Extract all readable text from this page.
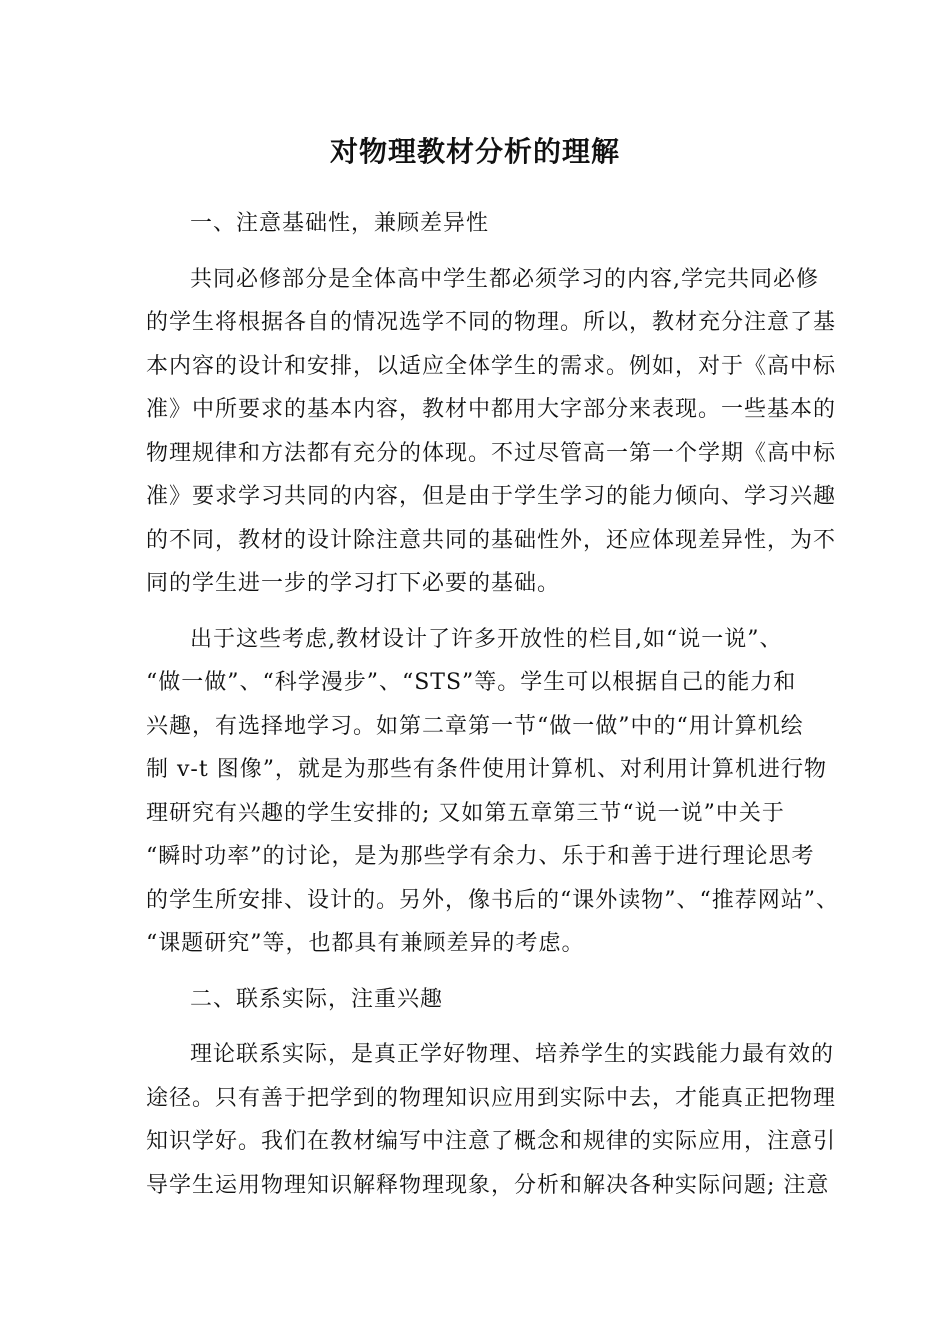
对物理教材分析的理解
一、注意基础性，兼顾差异性

共同必修部分是全体高中学生都必须学习的内容,学完共同必修
的学生将根据各自的情况选学不同的物理。所以，教材充分注意了基
本内容的设计和安排，以适应全体学生的需求。例如，对于《高中标
准》中所要求的基本内容，教材中都用大字部分来表现。一些基本的
物理规律和方法都有充分的体现。不过尽管高一第一个学期《高中标
准》要求学习共同的内容，但是由于学生学习的能力倾向、学习兴趣
的不同，教材的设计除注意共同的基础性外，还应体现差异性，为不
同的学生进一步的学习打下必要的基础。

出于这些考虑,教材设计了许多开放性的栏目,如“说一说”、
“做一做”、“科学漫步”、“STS”等。学生可以根据自己的能力和
兴趣，有选择地学习。如第二章第一节“做一做”中的“用计算机绘
制 v-t 图像”，就是为那些有条件使用计算机、对利用计算机进行物
理研究有兴趣的学生安排的; 又如第五章第三节“说一说”中关于
“瞬时功率”的讨论，是为那些学有余力、乐于和善于进行理论思考
的学生所安排、设计的。另外，像书后的“课外读物”、“推荐网站”、
“课题研究”等，也都具有兼顾差异的考虑。

二、联系实际，注重兴趣

理论联系实际，是真正学好物理、培养学生的实践能力最有效的
途径。只有善于把学到的物理知识应用到实际中去，才能真正把物理
知识学好。我们在教材编写中注意了概念和规律的实际应用，注意引
导学生运用物理知识解释物理现象，分析和解决各种实际问题; 注意
